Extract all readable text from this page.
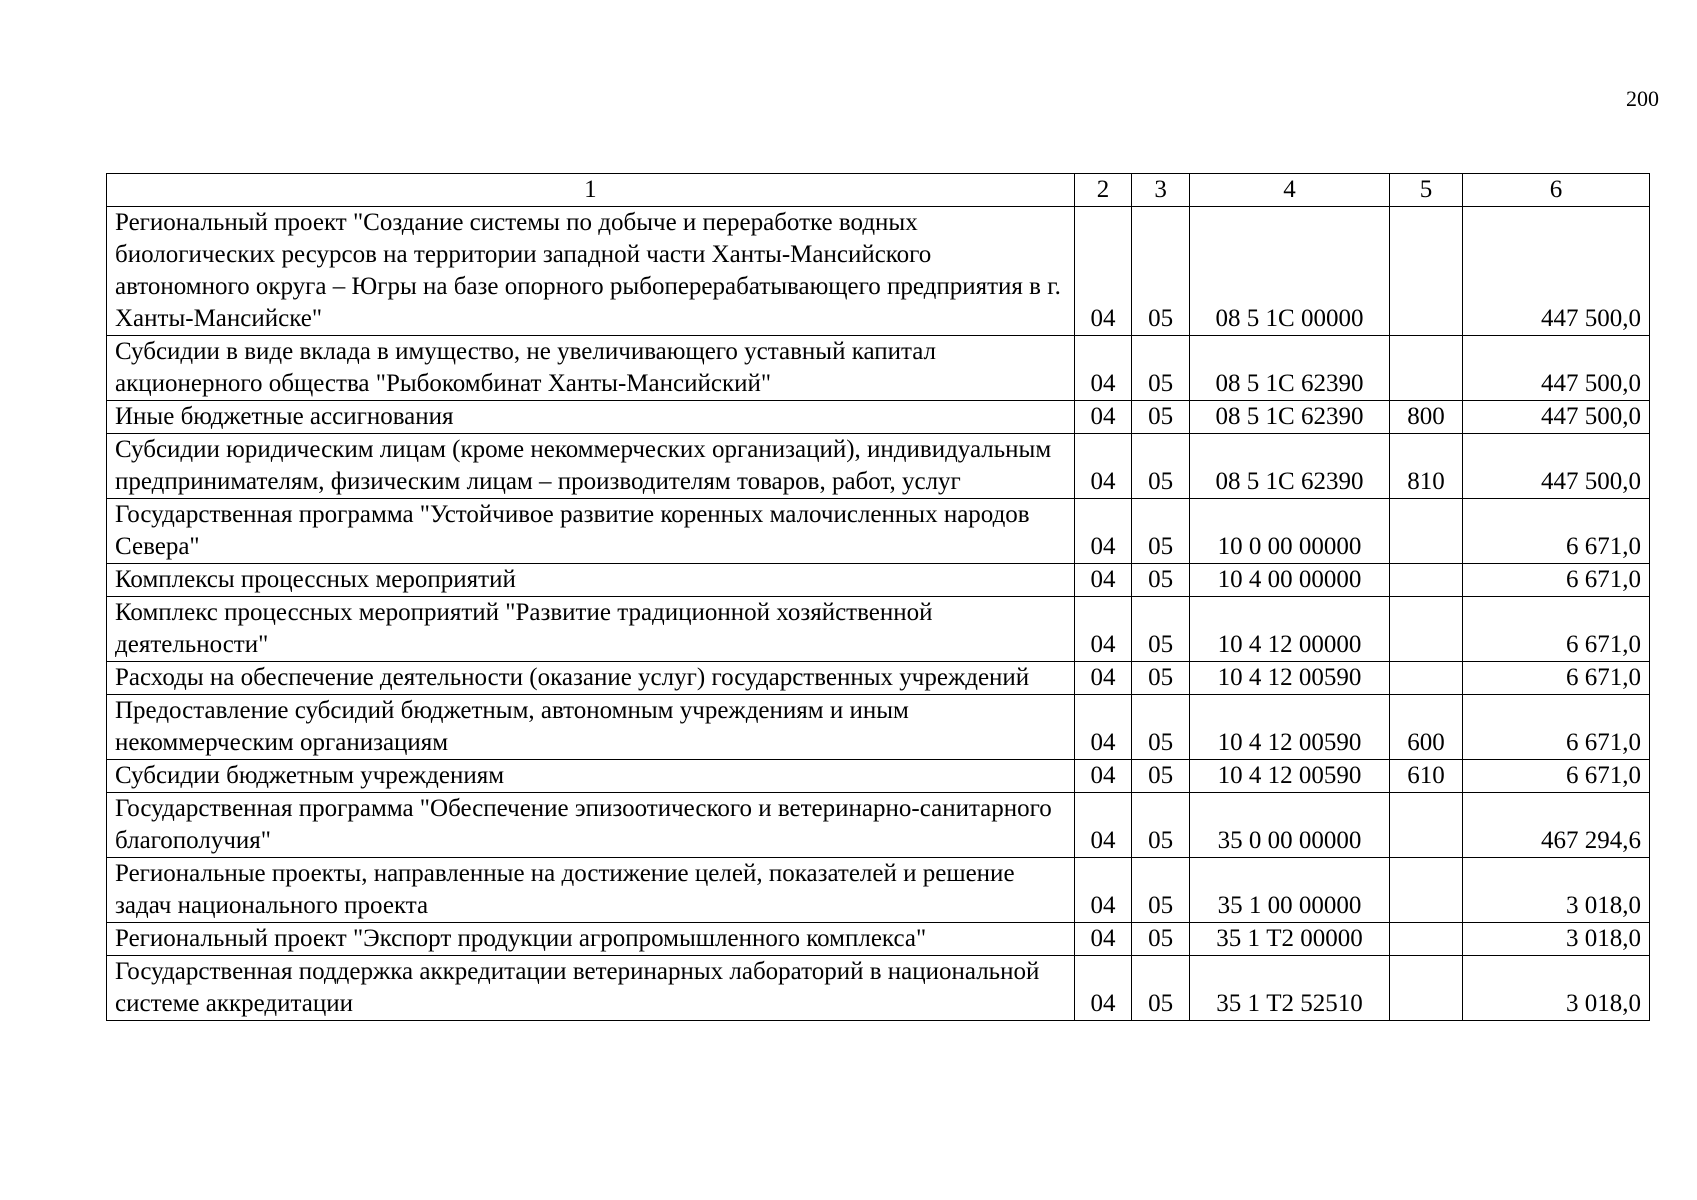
200
1	2	3	4	5	6
Региональный проект "Создание системы по добыче и переработке водных биологических ресурсов на территории западной части Ханты-Мансийского автономного округа – Югры на базе опорного рыбоперерабатывающего предприятия в г. Ханты-Мансийске"	04	05	08 5 1С 00000		447 500,0
Субсидии в виде вклада в имущество, не увеличивающего уставный капитал акционерного общества "Рыбокомбинат Ханты-Мансийский"	04	05	08 5 1С 62390		447 500,0
Иные бюджетные ассигнования	04	05	08 5 1С 62390	800	447 500,0
Субсидии юридическим лицам (кроме некоммерческих организаций), индивидуальным предпринимателям, физическим лицам – производителям товаров, работ, услуг	04	05	08 5 1С 62390	810	447 500,0
Государственная программа "Устойчивое развитие коренных малочисленных народов Севера"	04	05	10 0 00 00000		6 671,0
Комплексы процессных мероприятий	04	05	10 4 00 00000		6 671,0
Комплекс процессных мероприятий "Развитие традиционной хозяйственной деятельности"	04	05	10 4 12 00000		6 671,0
Расходы на обеспечение деятельности (оказание услуг) государственных учреждений	04	05	10 4 12 00590		6 671,0
Предоставление субсидий бюджетным, автономным учреждениям и иным некоммерческим организациям	04	05	10 4 12 00590	600	6 671,0
Субсидии бюджетным учреждениям	04	05	10 4 12 00590	610	6 671,0
Государственная программа "Обеспечение эпизоотического и ветеринарно-санитарного благополучия"	04	05	35 0 00 00000		467 294,6
Региональные проекты, направленные на достижение целей, показателей и решение задач национального проекта	04	05	35 1 00 00000		3 018,0
Региональный проект "Экспорт продукции агропромышленного комплекса"	04	05	35 1 Т2 00000		3 018,0
Государственная поддержка аккредитации ветеринарных лабораторий в национальной системе аккредитации	04	05	35 1 Т2 52510		3 018,0
